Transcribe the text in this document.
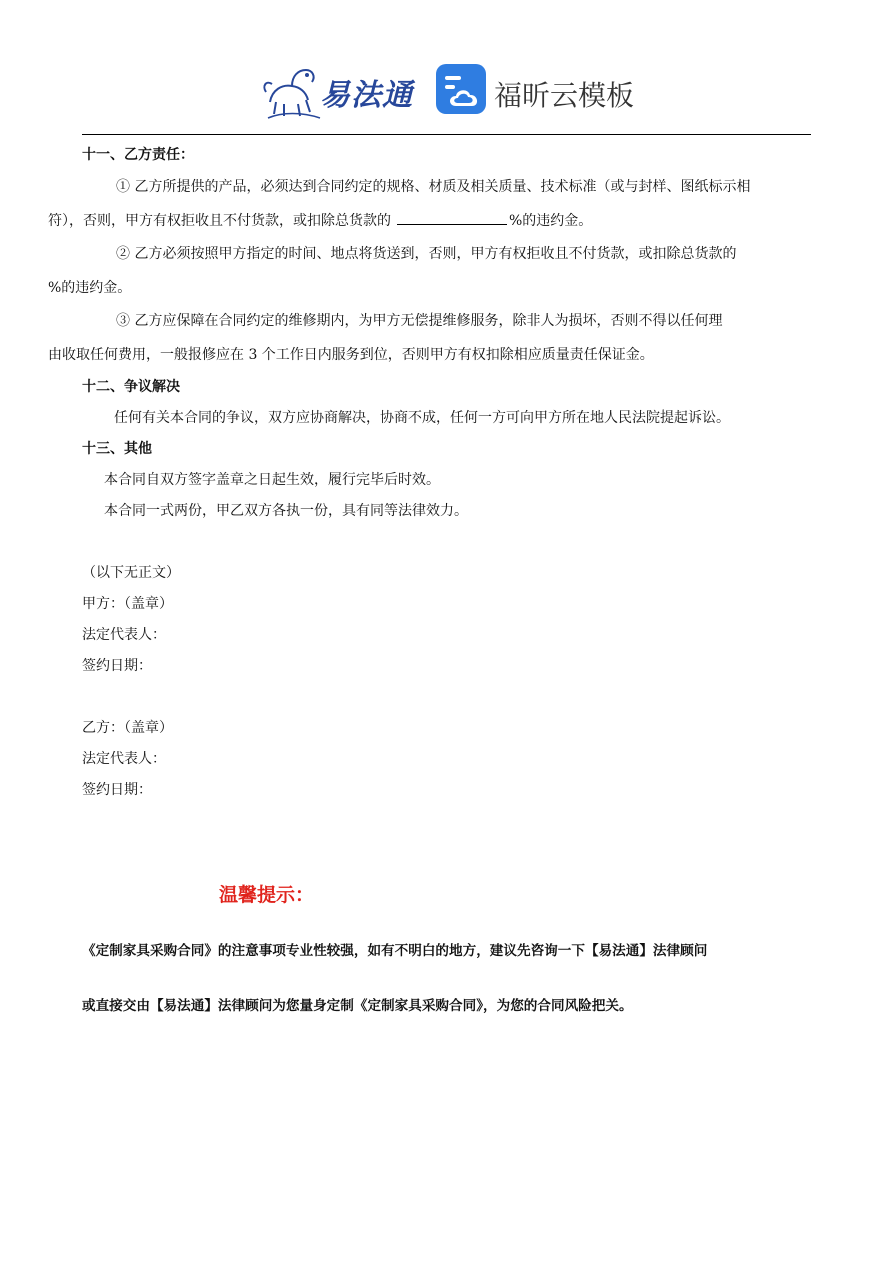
易法通	福昕云模板
十一、乙方责任：
① 乙方所提供的产品，必须达到合同约定的规格、材质及相关质量、技术标准（或与封样、图纸标示相
符），否则，甲方有权拒收且不付货款，或扣除总货款的	%的违约金。
② 乙方必须按照甲方指定的时间、地点将货送到，否则，甲方有权拒收且不付货款，或扣除总货款的
%的违约金。
③ 乙方应保障在合同约定的维修期内，为甲方无偿提维修服务，除非人为损坏，否则不得以任何理
由收取任何费用，一般报修应在 3 个工作日内服务到位，否则甲方有权扣除相应质量责任保证金。
十二、争议解决
任何有关本合同的争议，双方应协商解决，协商不成，任何一方可向甲方所在地人民法院提起诉讼。
十三、其他
本合同自双方签字盖章之日起生效，履行完毕后时效。
本合同一式两份，甲乙双方各执一份，具有同等法律效力。
（以下无正文）
甲方：（盖章）
法定代表人：
签约日期：
乙方：（盖章）
法定代表人：
签约日期：
温馨提示：
《定制家具采购合同》的注意事项专业性较强，如有不明白的地方，建议先咨询一下【易法通】法律顾问
或直接交由【易法通】法律顾问为您量身定制《定制家具采购合同》，为您的合同风险把关。
